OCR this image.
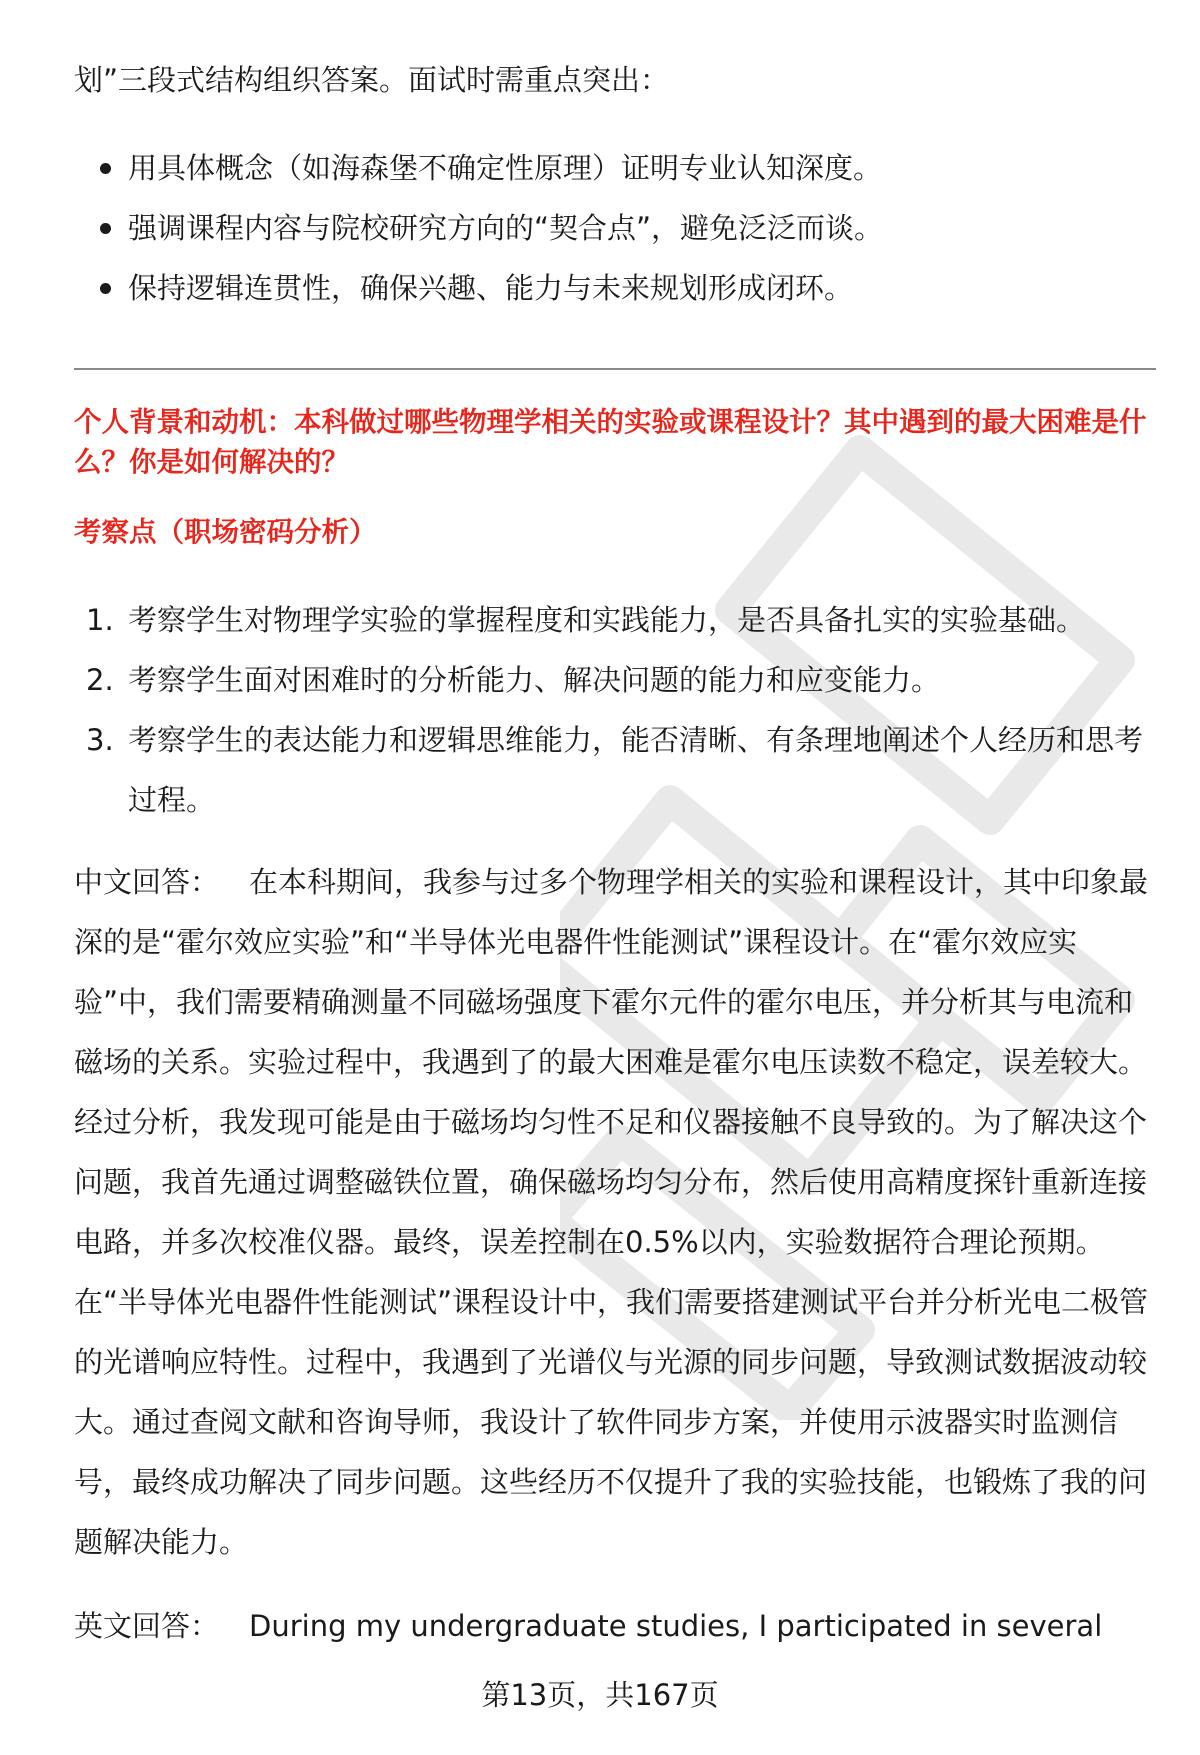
划”三段式结构组织答案。面试时需重点突出：
用具体概念（如海森堡不确定性原理）证明专业认知深度。
强调课程内容与院校研究方向的“契合点”，避免泛泛而谈。
保持逻辑连贯性，确保兴趣、能力与未来规划形成闭环。
个人背景和动机：本科做过哪些物理学相关的实验或课程设计？其中遇到的最大困难是什么？你是如何解决的？
考察点（职场密码分析）
1. 考察学生对物理学实验的掌握程度和实践能力，是否具备扎实的实验基础。
2. 考察学生面对困难时的分析能力、解决问题的能力和应变能力。
3. 考察学生的表达能力和逻辑思维能力，能否清晰、有条理地阐述个人经历和思考过程。
中文回答： 在本科期间，我参与过多个物理学相关的实验和课程设计，其中印象最深的是“霍尔效应实验”和“半导体光电器件性能测试”课程设计。在“霍尔效应实验”中，我们需要精确测量不同磁场强度下霍尔元件的霍尔电压，并分析其与电流和磁场的关系。实验过程中，我遇到了的最大困难是霍尔电压读数不稳定，误差较大。经过分析，我发现可能是由于磁场均匀性不足和仪器接触不良导致的。为了解决这个问题，我首先通过调整磁铁位置，确保磁场均匀分布，然后使用高精度探针重新连接电路，并多次校准仪器。最终，误差控制在0.5%以内，实验数据符合理论预期。在“半导体光电器件性能测试”课程设计中，我们需要搭建测试平台并分析光电二极管的光谱响应特性。过程中，我遇到了光谱仪与光源的同步问题，导致测试数据波动较大。通过查阅文献和咨询导师，我设计了软件同步方案，并使用示波器实时监测信号，最终成功解决了同步问题。这些经历不仅提升了我的实验技能，也锻炼了我的问题解决能力。
英文回答： During my undergraduate studies, I participated in several
第13页，共167页
